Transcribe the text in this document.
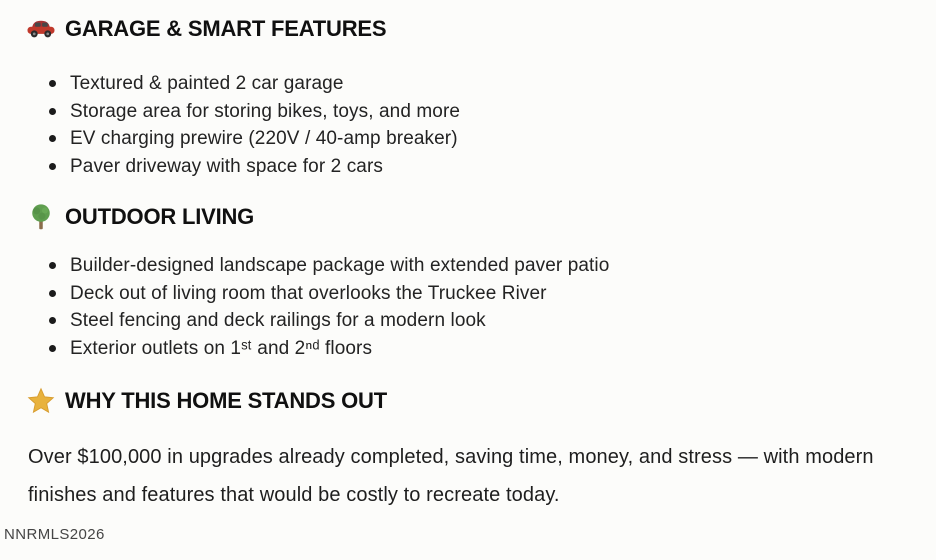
GARAGE & SMART FEATURES
Textured & painted 2 car garage
Storage area for storing bikes, toys, and more
EV charging prewire (220V / 40-amp breaker)
Paver driveway with space for 2 cars
OUTDOOR LIVING
Builder-designed landscape package with extended paver patio
Deck out of living room that overlooks the Truckee River
Steel fencing and deck railings for a modern look
Exterior outlets on 1ˢᵗ and 2ⁿᵈ floors
WHY THIS HOME STANDS OUT

Over $100,000 in upgrades already completed, saving time, money, and stress — with modern finishes and features that would be costly to recreate today.

NNRMLS2026
